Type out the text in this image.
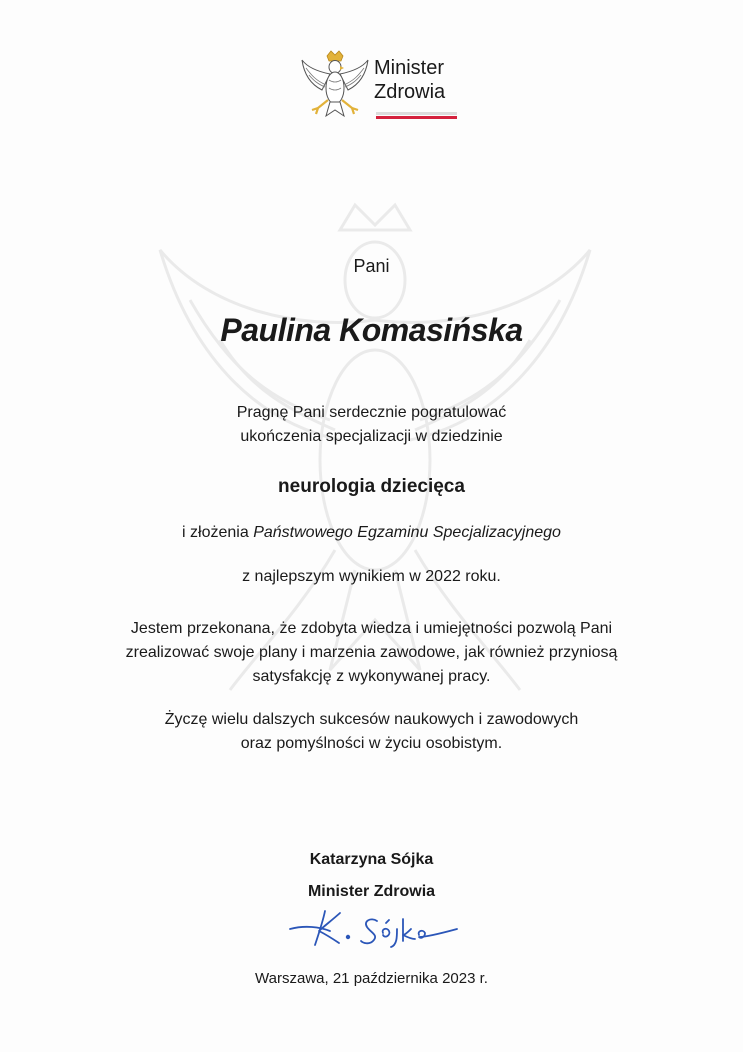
Minister
Zdrowia
Pani
Paulina Komasińska
Pragnę Pani serdecznie pogratulować
ukończenia specjalizacji w dziedzinie
neurologia dziecięca
i złożenia Państwowego Egzaminu Specjalizacyjnego
z najlepszym wynikiem w 2022 roku.
Jestem przekonana, że zdobyta wiedza i umiejętności pozwolą Pani
zrealizować swoje plany i marzenia zawodowe, jak również przyniosą
satysfakcję z wykonywanej pracy.
Życzę wielu dalszych sukcesów naukowych i zawodowych
oraz pomyślności w życiu osobistym.
Katarzyna Sójka
Minister Zdrowia
Warszawa, 21 października 2023 r.
